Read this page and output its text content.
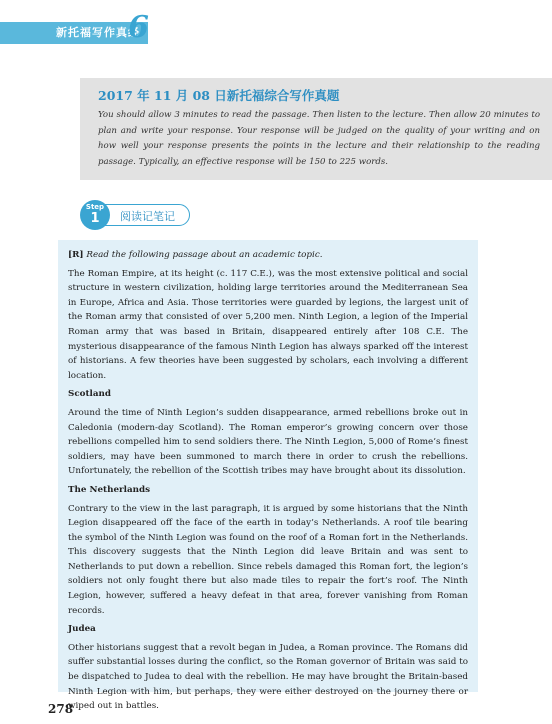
新托福写作真经
6
2017 年 11 月 08 日新托福综合写作真题
You should allow 3 minutes to read the passage. Then listen to the lecture. Then allow 20 minutes to plan and write your response. Your response will be judged on the quality of your writing and on how well your response presents the points in the lecture and their relationship to the reading passage. Typically, an effective response will be 150 to 225 words.
Step
1	阅读记笔记

[R] Read the following passage about an academic topic.

The Roman Empire, at its height (c. 117 C.E.), was the most extensive political and social structure in western civilization, holding large territories around the Mediterranean Sea in Europe, Africa and Asia. Those territories were guarded by legions, the largest unit of the Roman army that consisted of over 5,200 men. Ninth Legion, a legion of the Imperial Roman army that was based in Britain, disappeared entirely after 108 C.E. The mysterious disappearance of the famous Ninth Legion has always sparked off the interest of historians. A few theories have been suggested by scholars, each involving a different location.

Scotland

Around the time of Ninth Legion’s sudden disappearance, armed rebellions broke out in Caledonia (modern-day Scotland). The Roman emperor’s growing concern over those rebellions compelled him to send soldiers there. The Ninth Legion, 5,000 of Rome’s finest soldiers, may have been summoned to march there in order to crush the rebellions. Unfortunately, the rebellion of the Scottish tribes may have brought about its dissolution.

The Netherlands

Contrary to the view in the last paragraph, it is argued by some historians that the Ninth Legion disappeared off the face of the earth in today’s Netherlands. A roof tile bearing the symbol of the Ninth Legion was found on the roof of a Roman fort in the Netherlands. This discovery suggests that the Ninth Legion did leave Britain and was sent to Netherlands to put down a rebellion. Since rebels damaged this Roman fort, the legion’s soldiers not only fought there but also made tiles to repair the fort’s roof. The Ninth Legion, however, suffered a heavy defeat in that area, forever vanishing from Roman records.

Judea

Other historians suggest that a revolt began in Judea, a Roman province. The Romans did suffer substantial losses during the conflict, so the Roman governor of Britain was said to be dispatched to Judea to deal with the rebellion. He may have brought the Britain-based Ninth Legion with him, but perhaps, they were either destroyed on the journey there or wiped out in battles.

278
